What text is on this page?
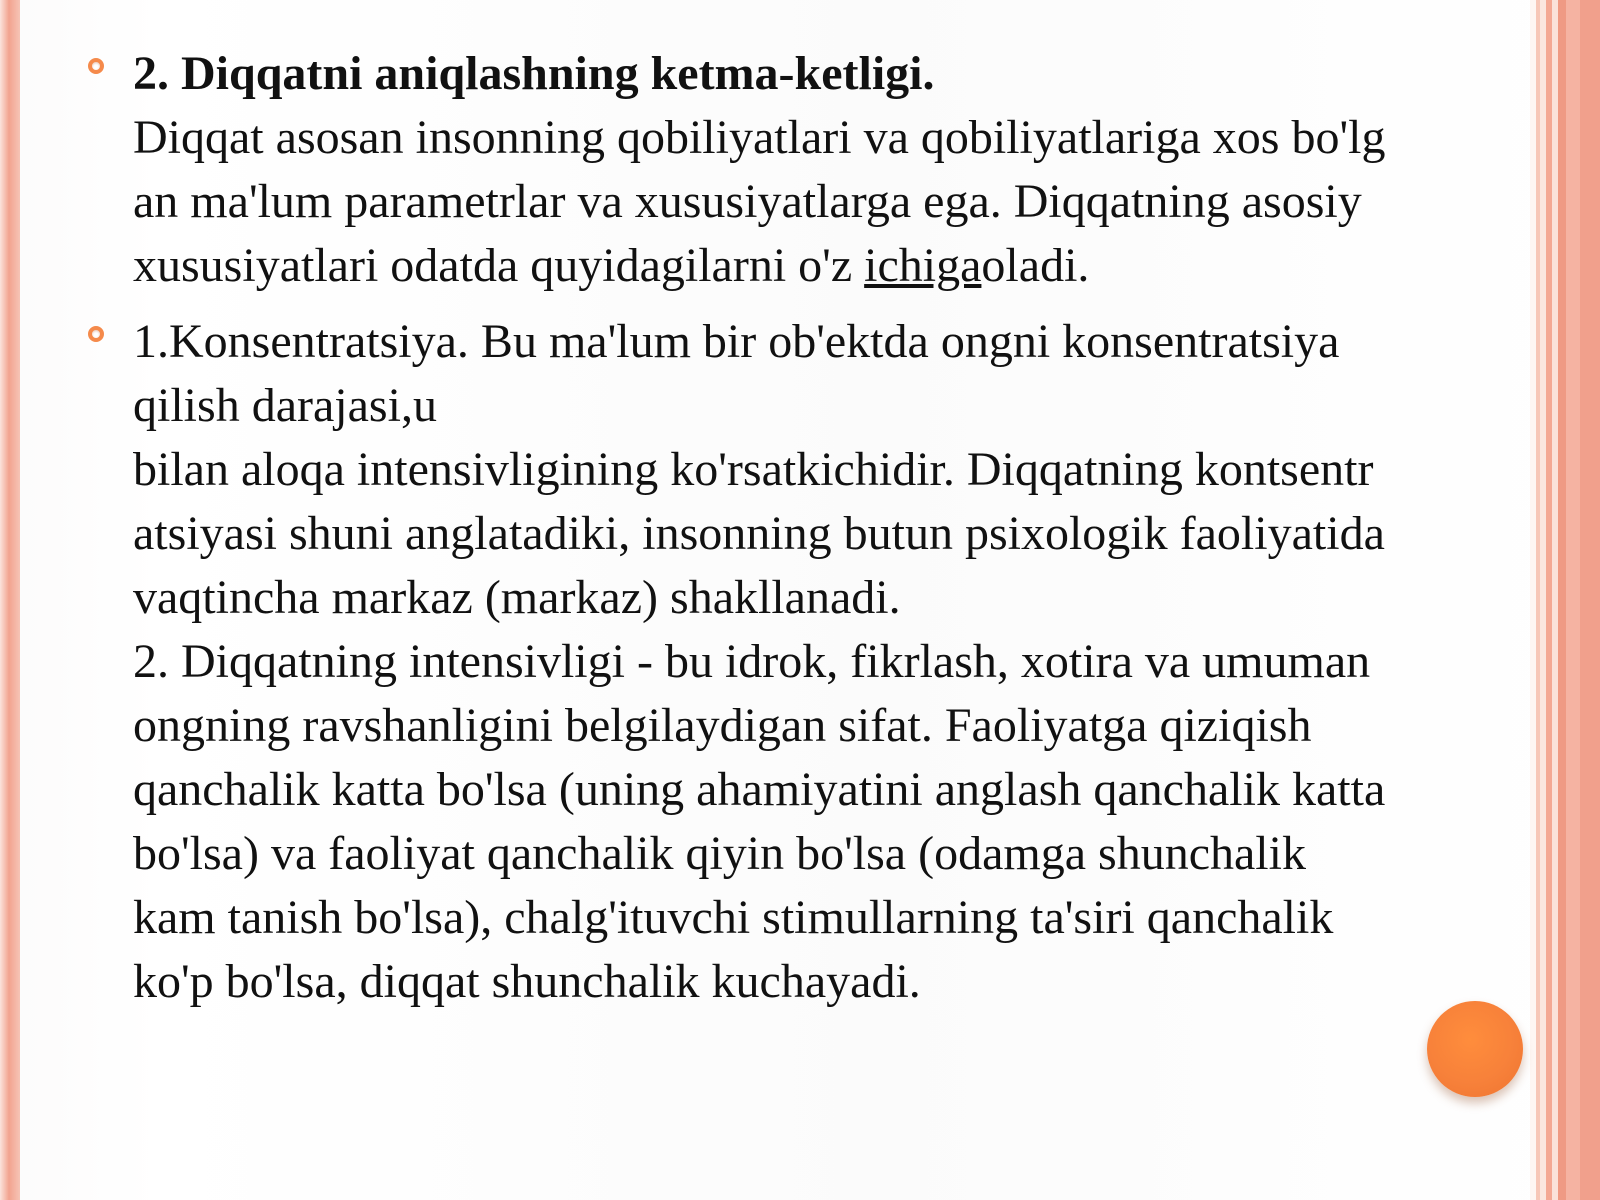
2. Diqqatni aniqlashning ketma-ketligi.
Diqqat asosan insonning qobiliyatlari va qobiliyatlariga xos bo'lg
an ma'lum parametrlar va xususiyatlarga ega. Diqqatning asosiy
xususiyatlari odatda quyidagilarni o'z ichigaoladi.
1.Konsentratsiya. Bu ma'lum bir ob'ektda ongni konsentratsiya
qilish darajasi,u
bilan aloqa intensivligining ko'rsatkichidir. Diqqatning kontsentr
atsiyasi shuni anglatadiki, insonning butun psixologik faoliyatida
vaqtincha markaz (markaz) shakllanadi.
2. Diqqatning intensivligi - bu idrok, fikrlash, xotira va umuman
ongning ravshanligini belgilaydigan sifat. Faoliyatga qiziqish
qanchalik katta bo'lsa (uning ahamiyatini anglash qanchalik katta
bo'lsa) va faoliyat qanchalik qiyin bo'lsa (odamga shunchalik
kam tanish bo'lsa), chalg'ituvchi stimullarning ta'siri qanchalik
ko'p bo'lsa, diqqat shunchalik kuchayadi.
